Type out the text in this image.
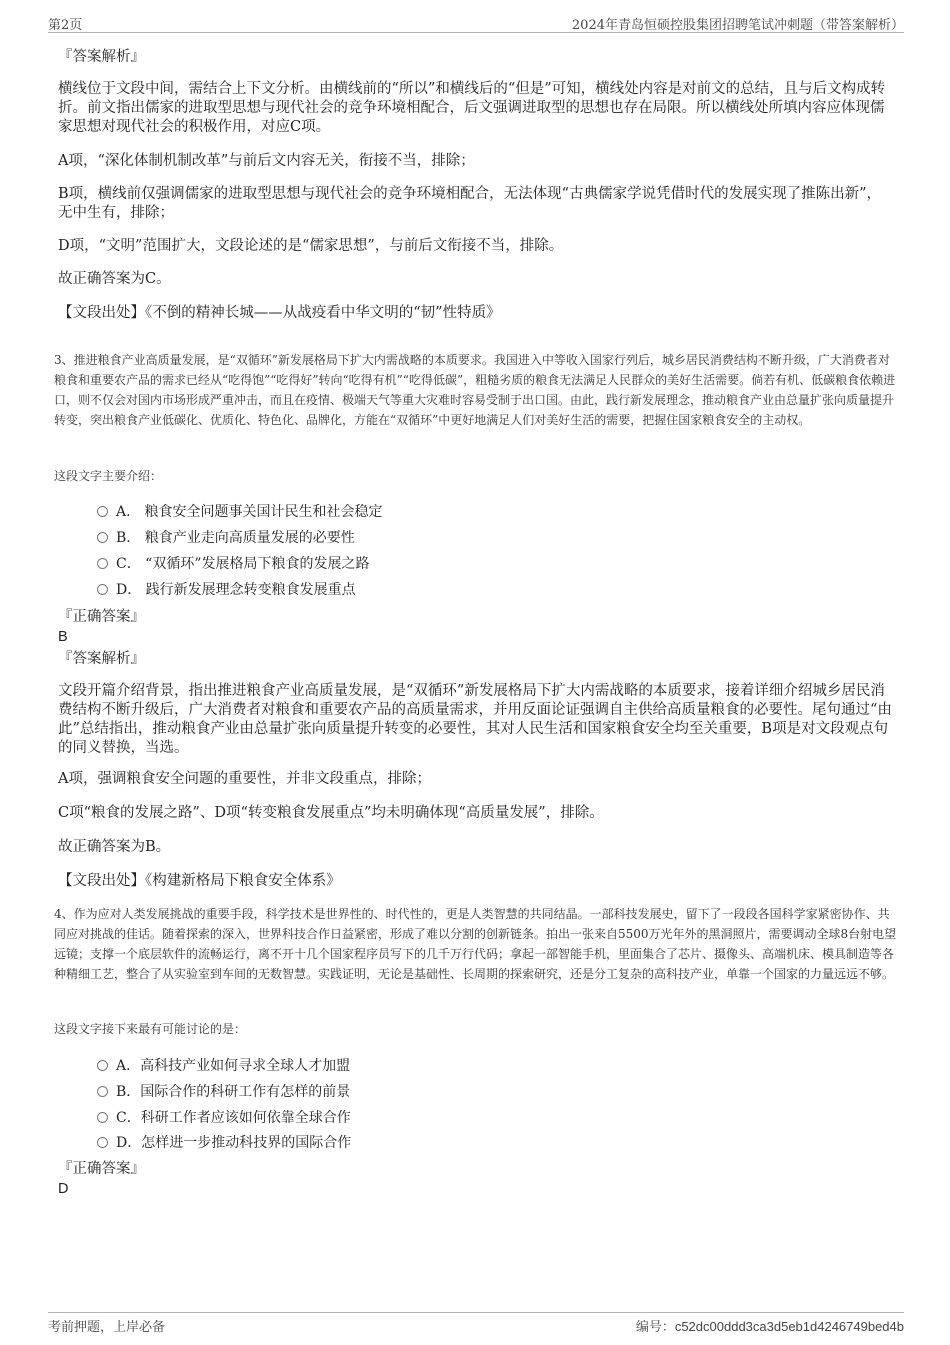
第2页	2024年青岛恒硕控股集团招聘笔试冲刺题（带答案解析）
『答案解析』
横线位于文段中间，需结合上下文分析。由横线前的“所以”和横线后的“但是”可知，横线处内容是对前文的总结，且与后文构成转折。前文指出儒家的进取型思想与现代社会的竞争环境相配合，后文强调进取型的思想也存在局限。所以横线处所填内容应体现儒家思想对现代社会的积极作用，对应C项。
A项，“深化体制机制改革”与前后文内容无关，衔接不当，排除；
B项，横线前仅强调儒家的进取型思想与现代社会的竞争环境相配合，无法体现“古典儒家学说凭借时代的发展实现了推陈出新”，无中生有，排除；
D项，“文明”范围扩大，文段论述的是“儒家思想”，与前后文衔接不当，排除。
故正确答案为C。
【文段出处】《不倒的精神长城——从战疫看中华文明的“韧”性特质》
3、推进粮食产业高质量发展，是“双循环”新发展格局下扩大内需战略的本质要求。我国进入中等收入国家行列后，城乡居民消费结构不断升级，广大消费者对粮食和重要农产品的需求已经从“吃得饱”“吃得好”转向“吃得有机”“吃得低碳”，粗糙劣质的粮食无法满足人民群众的美好生活需要。倘若有机、低碳粮食依赖进口，则不仅会对国内市场形成严重冲击，而且在疫情、极端天气等重大灾难时容易受制于出口国。由此，践行新发展理念，推动粮食产业由总量扩张向质量提升转变，突出粮食产业低碳化、优质化、特色化、品牌化，方能在“双循环”中更好地满足人们对美好生活的需要，把握住国家粮食安全的主动权。
这段文字主要介绍：
A． 粮食安全问题事关国计民生和社会稳定
B． 粮食产业走向高质量发展的必要性
C． “双循环”发展格局下粮食的发展之路
D． 践行新发展理念转变粮食发展重点
『正确答案』
B
『答案解析』
文段开篇介绍背景，指出推进粮食产业高质量发展，是“双循环”新发展格局下扩大内需战略的本质要求，接着详细介绍城乡居民消费结构不断升级后，广大消费者对粮食和重要农产品的高质量需求，并用反面论证强调自主供给高质量粮食的必要性。尾句通过“由此”总结指出，推动粮食产业由总量扩张向质量提升转变的必要性，其对人民生活和国家粮食安全均至关重要，B项是对文段观点句的同义替换，当选。
A项，强调粮食安全问题的重要性，并非文段重点，排除；
C项“粮食的发展之路”、D项“转变粮食发展重点”均未明确体现“高质量发展”，排除。
故正确答案为B。
【文段出处】《构建新格局下粮食安全体系》
4、作为应对人类发展挑战的重要手段，科学技术是世界性的、时代性的，更是人类智慧的共同结晶。一部科技发展史，留下了一段段各国科学家紧密协作、共同应对挑战的佳话。随着探索的深入，世界科技合作日益紧密，形成了难以分割的创新链条。拍出一张来自5500万光年外的黑洞照片，需要调动全球8台射电望远镜；支撑一个底层软件的流畅运行，离不开十几个国家程序员写下的几千万行代码；拿起一部智能手机，里面集合了芯片、摄像头、高端机床、模具制造等各种精细工艺，整合了从实验室到车间的无数智慧。实践证明，无论是基础性、长周期的探索研究，还是分工复杂的高科技产业，单靠一个国家的力量远远不够。
这段文字接下来最有可能讨论的是：
A．高科技产业如何寻求全球人才加盟
B．国际合作的科研工作有怎样的前景
C．科研工作者应该如何依靠全球合作
D．怎样进一步推动科技界的国际合作
『正确答案』
D
考前押题，上岸必备	编号：c52dc00ddd3ca3d5eb1d4246749bed4b
